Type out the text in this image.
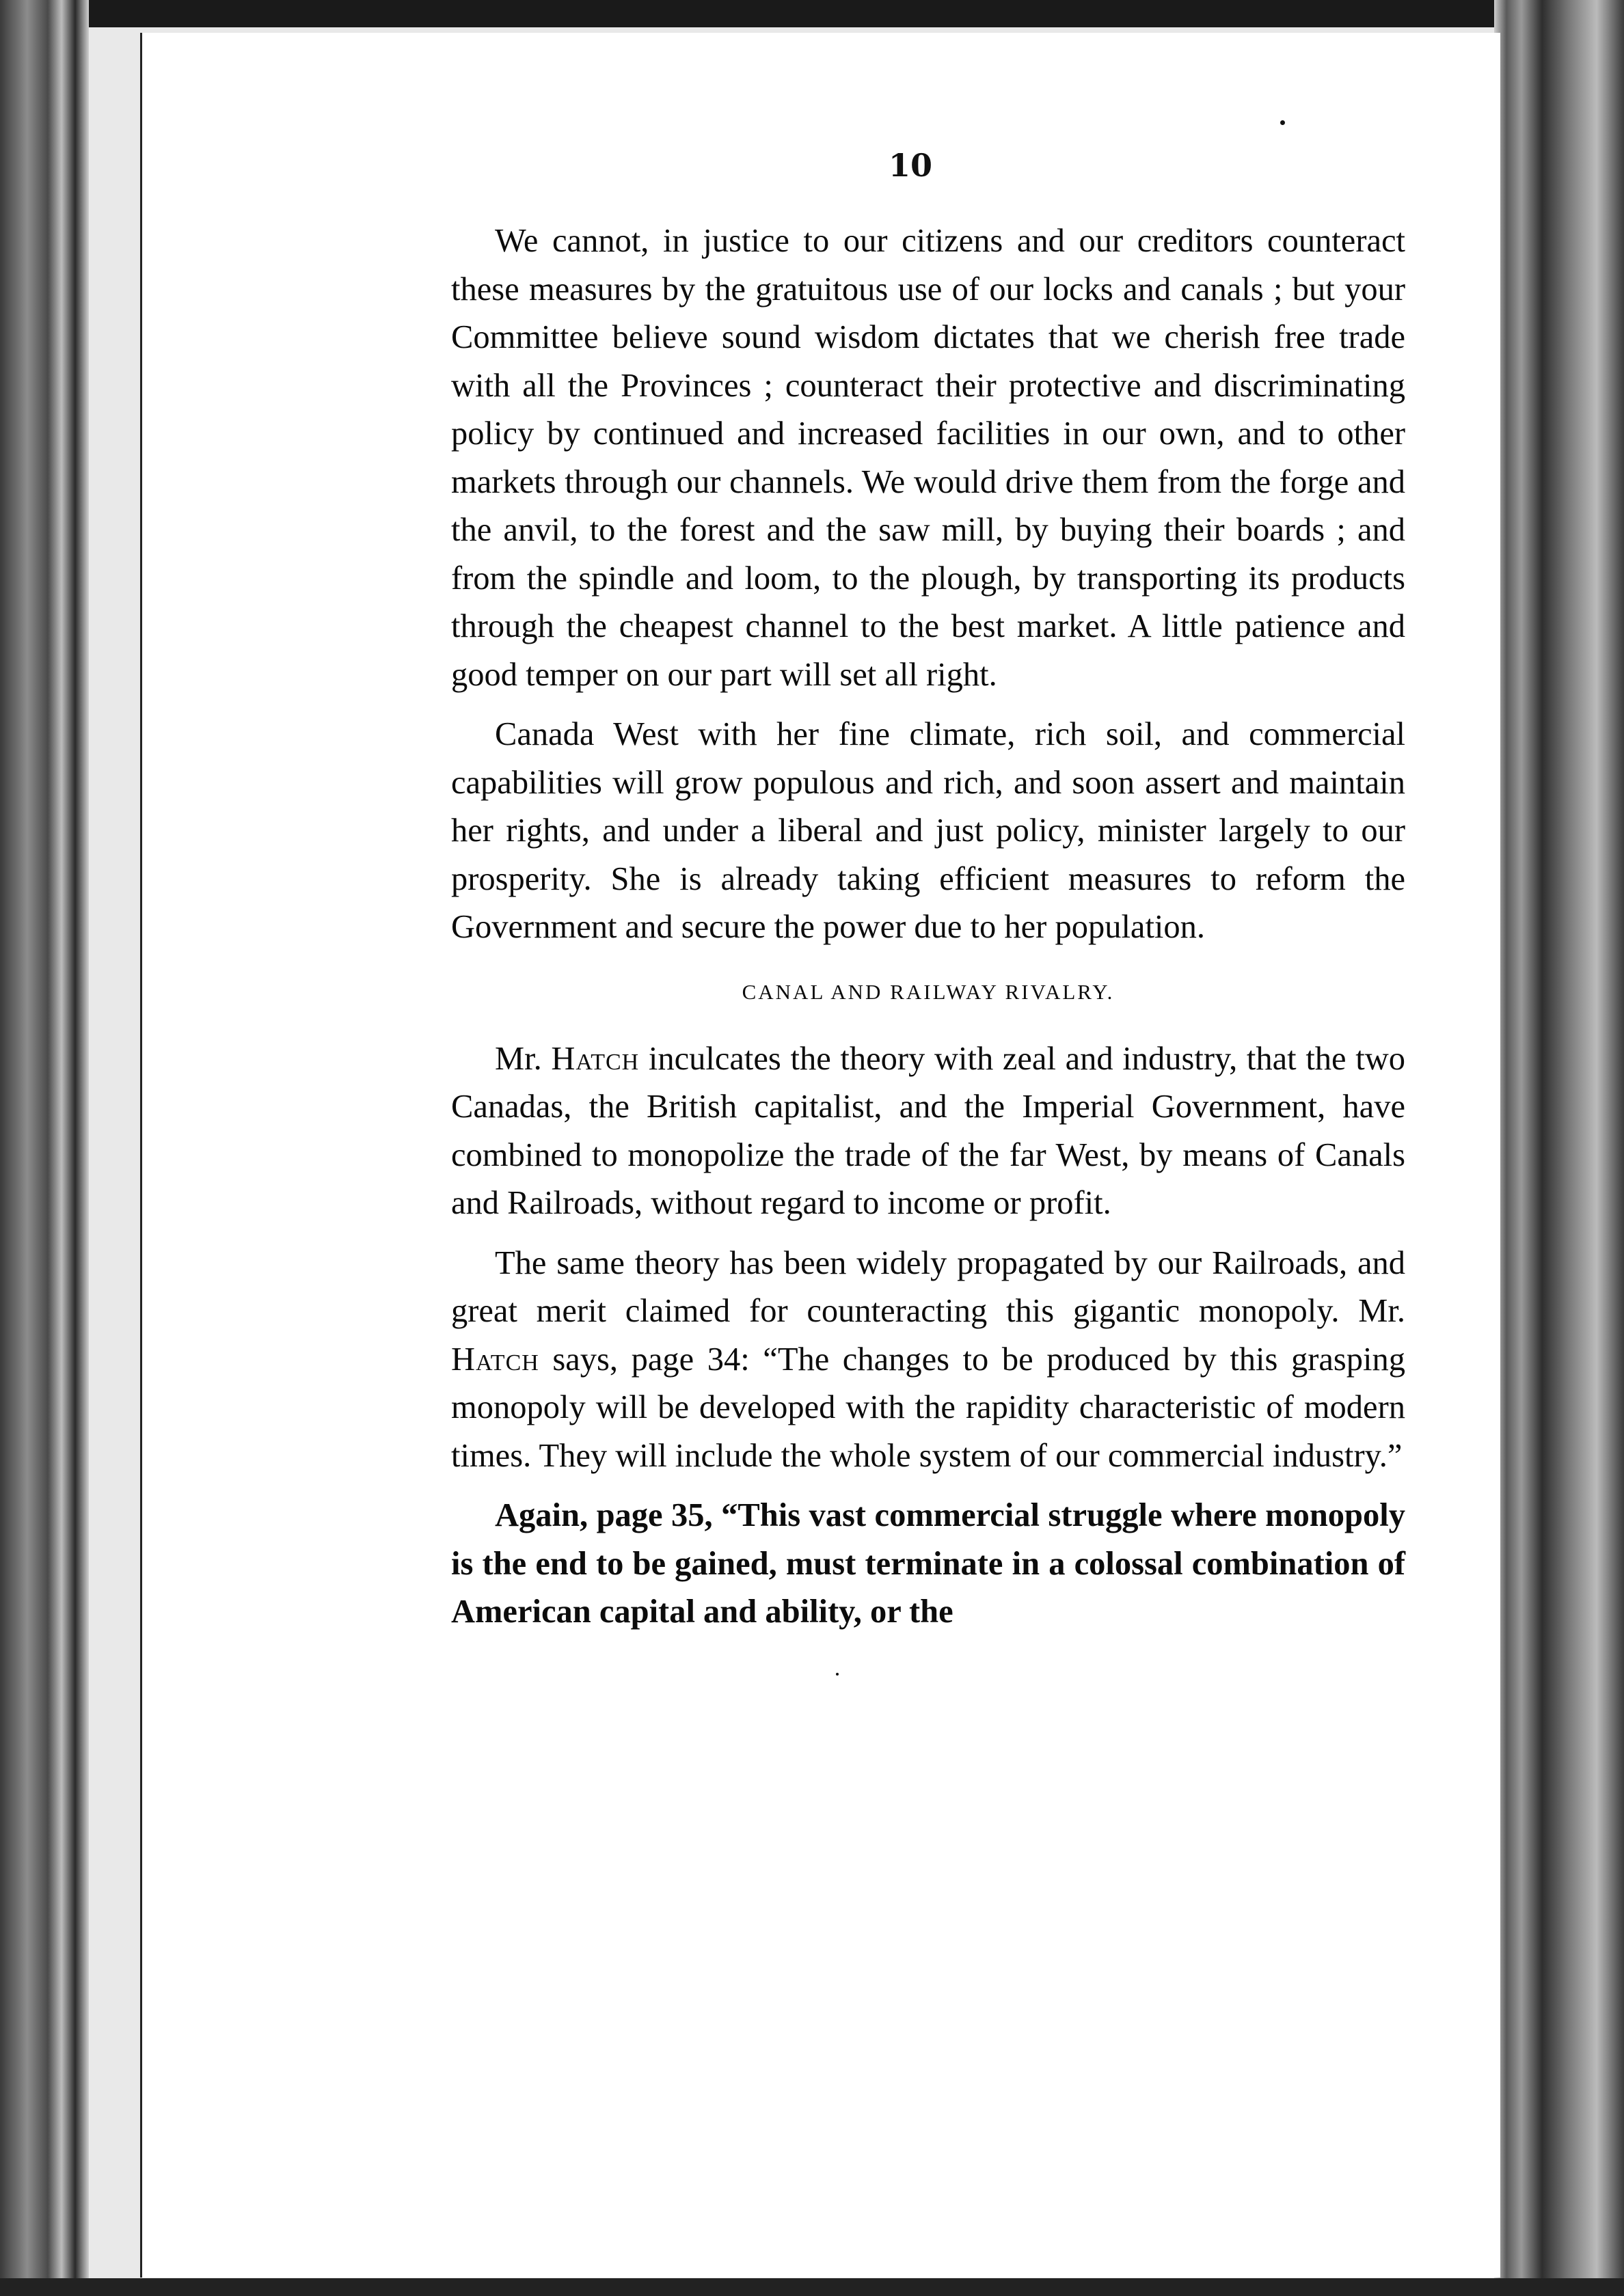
10

We cannot, in justice to our citizens and our creditors counteract these measures by the gratuitous use of our locks and canals ; but your Committee believe sound wisdom dictates that we cherish free trade with all the Provinces ; counteract their protective and discriminating policy by continued and increased facilities in our own, and to other markets through our channels. We would drive them from the forge and the anvil, to the forest and the saw mill, by buying their boards ; and from the spindle and loom, to the plough, by transporting its products through the cheapest channel to the best market. A little patience and good temper on our part will set all right.

Canada West with her fine climate, rich soil, and commercial capabilities will grow populous and rich, and soon assert and maintain her rights, and under a liberal and just policy, minister largely to our prosperity. She is already taking efficient measures to reform the Government and secure the power due to her population.

CANAL AND RAILWAY RIVALRY.

Mr. Hatch inculcates the theory with zeal and industry, that the two Canadas, the British capitalist, and the Imperial Government, have combined to monopolize the trade of the far West, by means of Canals and Railroads, without regard to income or profit.

The same theory has been widely propagated by our Railroads, and great merit claimed for counteracting this gigantic monopoly. Mr. Hatch says, page 34: “The changes to be produced by this grasping monopoly will be developed with the rapidity characteristic of modern times. They will include the whole system of our commercial industry.”

Again, page 35, “This vast commercial struggle where monopoly is the end to be gained, must terminate in a colossal combination of American capital and ability, or the
